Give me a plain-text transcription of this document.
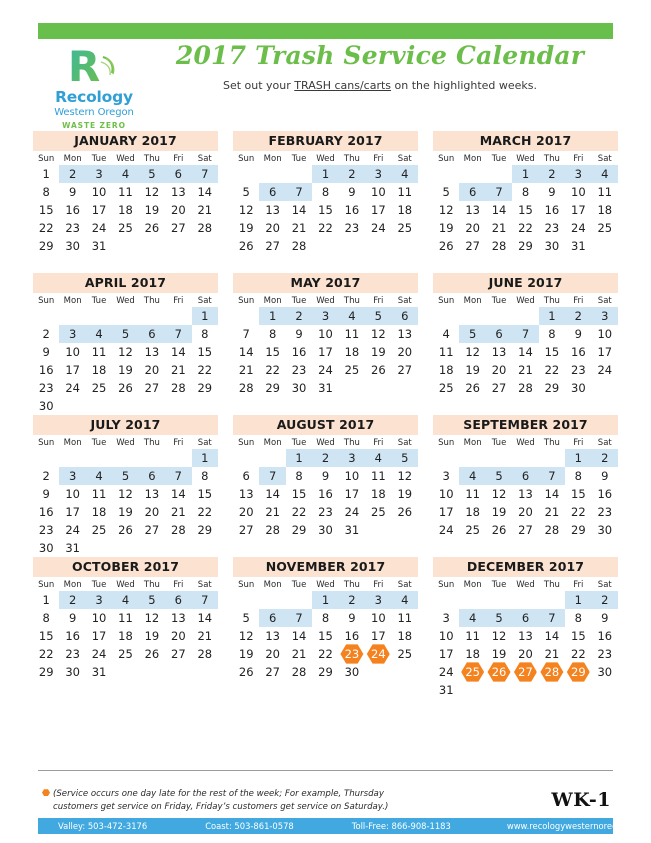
R
Recology
Western Oregon
WASTE ZERO
2017 Trash Service Calendar
Set out your TRASH cans/carts on the highlighted weeks.
JANUARY 2017
Sun	Mon	Tue	Wed	Thu	Fri	Sat
1	2	3	4	5	6	7
8	9	10	11	12	13	14
15	16	17	18	19	20	21
22	23	24	25	26	27	28
29	30	31				

FEBRUARY 2017
Sun	Mon	Tue	Wed	Thu	Fri	Sat
			1	2	3	4
5	6	7	8	9	10	11
12	13	14	15	16	17	18
19	20	21	22	23	24	25
26	27	28				

MARCH 2017
Sun	Mon	Tue	Wed	Thu	Fri	Sat
			1	2	3	4
5	6	7	8	9	10	11
12	13	14	15	16	17	18
19	20	21	22	23	24	25
26	27	28	29	30	31	

APRIL 2017
Sun	Mon	Tue	Wed	Thu	Fri	Sat
						1
2	3	4	5	6	7	8
9	10	11	12	13	14	15
16	17	18	19	20	21	22
23	24	25	26	27	28	29
30						
MAY 2017
Sun	Mon	Tue	Wed	Thu	Fri	Sat
	1	2	3	4	5	6
7	8	9	10	11	12	13
14	15	16	17	18	19	20
21	22	23	24	25	26	27
28	29	30	31			

JUNE 2017
Sun	Mon	Tue	Wed	Thu	Fri	Sat
				1	2	3
4	5	6	7	8	9	10
11	12	13	14	15	16	17
18	19	20	21	22	23	24
25	26	27	28	29	30	

JULY 2017
Sun	Mon	Tue	Wed	Thu	Fri	Sat
						1
2	3	4	5	6	7	8
9	10	11	12	13	14	15
16	17	18	19	20	21	22
23	24	25	26	27	28	29
30	31					
AUGUST 2017
Sun	Mon	Tue	Wed	Thu	Fri	Sat
		1	2	3	4	5
6	7	8	9	10	11	12
13	14	15	16	17	18	19
20	21	22	23	24	25	26
27	28	29	30	31		

SEPTEMBER 2017
Sun	Mon	Tue	Wed	Thu	Fri	Sat
					1	2
3	4	5	6	7	8	9
10	11	12	13	14	15	16
17	18	19	20	21	22	23
24	25	26	27	28	29	30

OCTOBER 2017
Sun	Mon	Tue	Wed	Thu	Fri	Sat
1	2	3	4	5	6	7
8	9	10	11	12	13	14
15	16	17	18	19	20	21
22	23	24	25	26	27	28
29	30	31				

NOVEMBER 2017
Sun	Mon	Tue	Wed	Thu	Fri	Sat
			1	2	3	4
5	6	7	8	9	10	11
12	13	14	15	16	17	18
19	20	21	22	23	24	25
26	27	28	29	30		

DECEMBER 2017
Sun	Mon	Tue	Wed	Thu	Fri	Sat
					1	2
3	4	5	6	7	8	9
10	11	12	13	14	15	16
17	18	19	20	21	22	23
24	25	26	27	28	29	30
31						
(Service occurs one day late for the rest of the week; For example, Thursday
customers get service on Friday, Friday’s customers get service on Saturday.)	WK-1
Valley: 503-472-3176	Coast: 503-861-0578	Toll-Free: 866-908-1183	www.recologywesternoregon.com
